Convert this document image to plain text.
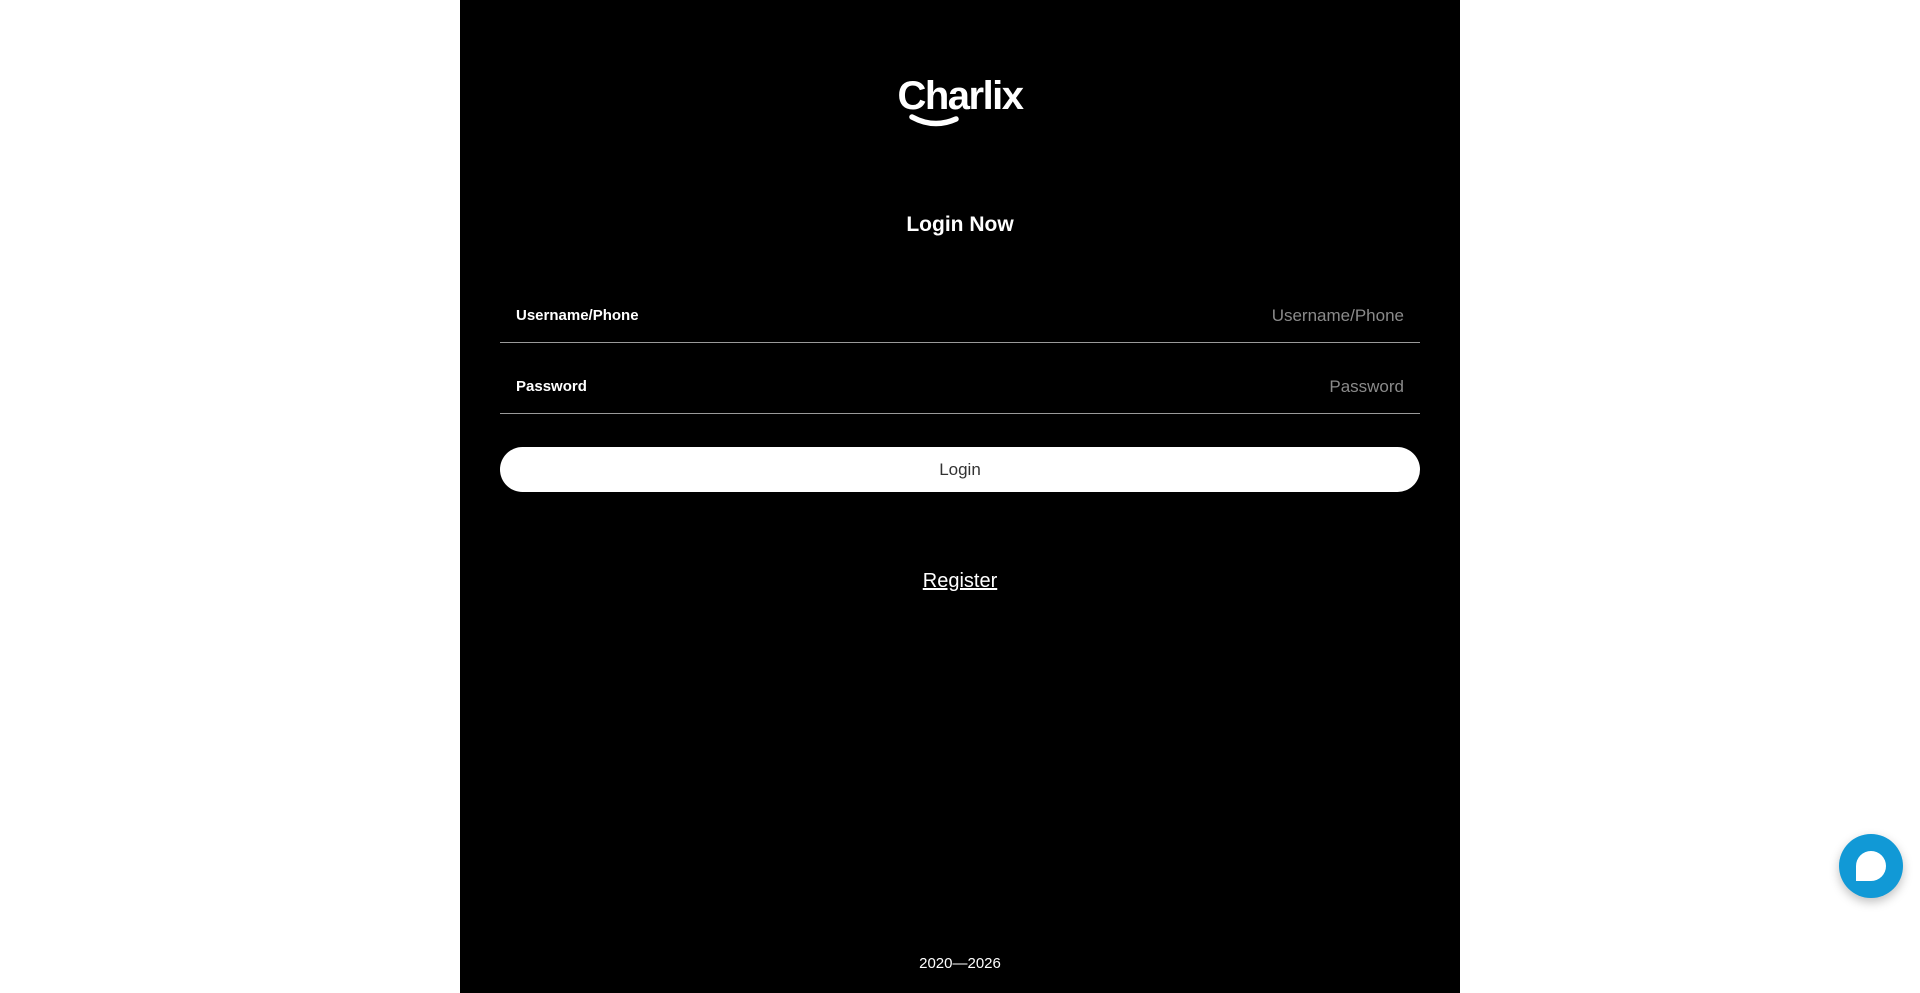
Charlix
Login Now
Username/Phone
Username/Phone
Password
Login
Register
2020—2026
